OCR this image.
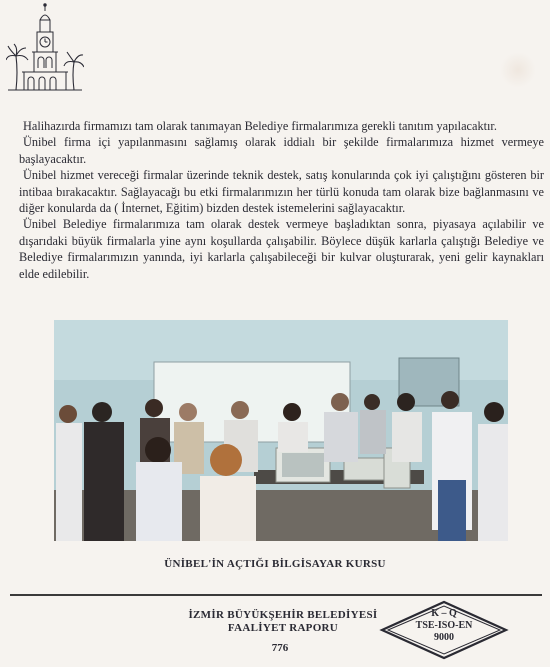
Halihazırda firmamızı tam olarak tanımayan Belediye firmalarımıza gerekli tanıtım yapılacaktır.

Ünibel firma içi yapılanmasını sağlamış olarak iddialı bir şekilde firmalarımıza hizmet vermeye başlayacaktır.

Ünibel hizmet vereceği firmalar üzerinde teknik destek, satış konularında çok iyi çalıştığını gösteren bir intibaa bırakacaktır. Sağlayacağı bu etki firmalarımızın her türlü konuda tam olarak bize bağlanmasını ve diğer konularda da ( İnternet, Eğitim) bizden destek istemelerini sağlayacaktır.

Ünibel Belediye firmalarımıza tam olarak destek vermeye başladıktan sonra, piyasaya açılabilir ve dışarıdaki büyük firmalarla yine aynı koşullarda çalışabilir. Böylece düşük karlarla çalıştığı Belediye ve Belediye firmalarımızın yanında, iyi karlarla çalışabileceği bir kulvar oluşturarak, yeni gelir kaynakları elde edilebilir.

ÜNİBEL'İN AÇTIĞI BİLGİSAYAR KURSU
İZMİR BÜYÜKŞEHİR BELEDİYESİ
FAALİYET RAPORU
776
K – Q
TSE-ISO-EN
9000
